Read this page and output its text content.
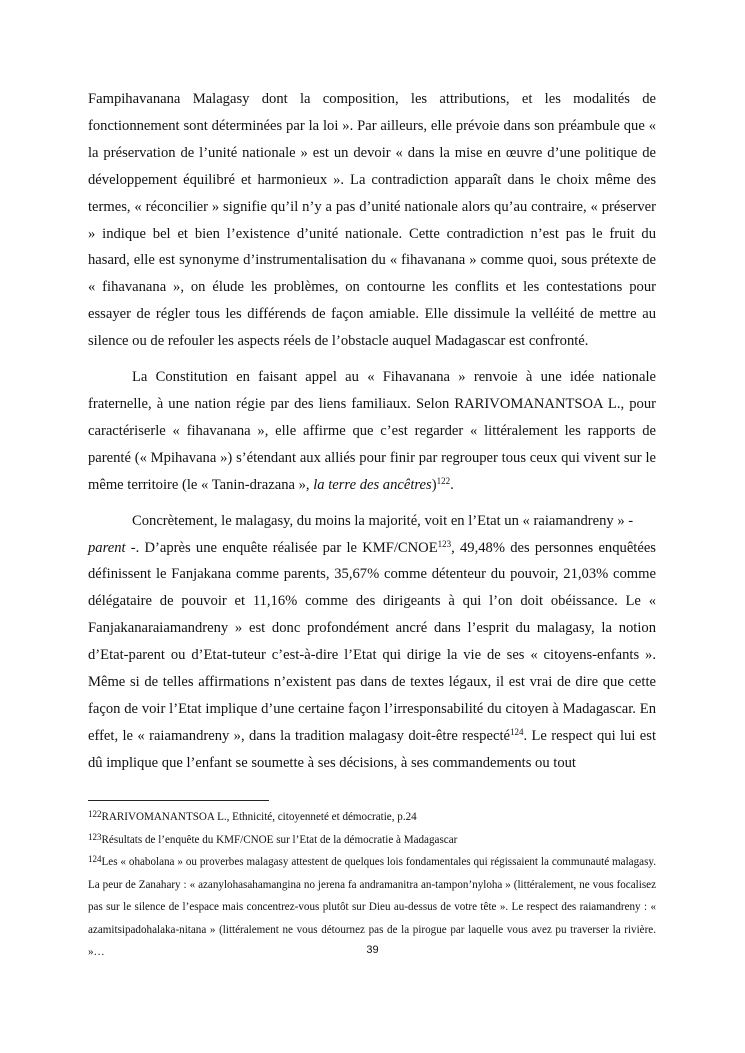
Fampihavanana Malagasy dont la composition, les attributions, et les modalités de fonctionnement sont déterminées par la loi ». Par ailleurs, elle prévoie dans son préambule que « la préservation de l’unité nationale » est un devoir « dans la mise en œuvre d’une politique de développement équilibré et harmonieux ». La contradiction apparaît dans le choix même des termes, « réconcilier » signifie qu’il n’y a pas d’unité nationale alors qu’au contraire, « préserver » indique bel et bien l’existence d’unité nationale. Cette contradiction n’est pas le fruit du hasard, elle est synonyme d’instrumentalisation du « fihavanana » comme quoi, sous prétexte de « fihavanana », on élude les problèmes, on contourne les conflits et les contestations pour essayer de régler tous les différends de façon amiable. Elle dissimule la velléité de mettre au silence ou de refouler les aspects réels de l’obstacle auquel Madagascar est confronté.

La Constitution en faisant appel au « Fihavanana » renvoie à une idée nationale fraternelle, à une nation régie par des liens familiaux. Selon RARIVOMANANTSOA L., pour caractériserle « fihavanana », elle affirme que c’est regarder « littéralement les rapports de parenté (« Mpihavana ») s’étendant aux alliés pour finir par regrouper tous ceux qui vivent sur le même territoire (le « Tanin-drazana », la terre des ancêtres)$^{122}$.

Concrètement, le malagasy, du moins la majorité, voit en l’Etat un « raiamandreny » -
parent -. D’après une enquête réalisée par le KMF/CNOE$^{123}$, 49,48% des personnes enquêtées définissent le Fanjakana comme parents, 35,67% comme détenteur du pouvoir, 21,03% comme délégataire de pouvoir et 11,16% comme des dirigeants à qui l’on doit obéissance. Le « Fanjakanaraiamandreny » est donc profondément ancré dans l’esprit du malagasy, la notion d’Etat-parent ou d’Etat-tuteur c’est-à-dire l’Etat qui dirige la vie de ses « citoyens-enfants ». Même si de telles affirmations n’existent pas dans de textes légaux, il est vrai de dire que cette façon de voir l’Etat implique d’une certaine façon l’irresponsabilité du citoyen à Madagascar. En effet, le « raiamandreny », dans la tradition malagasy doit-être respecté$^{124}$. Le respect qui lui est dû implique que l’enfant se soumette à ses décisions, à ses commandements ou tout

$^{122}$RARIVOMANANTSOA L., Ethnicité, citoyenneté et démocratie, p.24

$^{123}$Résultats de l’enquête du KMF/CNOE sur l’Etat de la démocratie à Madagascar

$^{124}$Les « ohabolana » ou proverbes malagasy attestent de quelques lois fondamentales qui régissaient la communauté malagasy. La peur de Zanahary : « azanylohasahamangina no jerena fa andramanitra an-tampon’nyloha » (littéralement, ne vous focalisez pas sur le silence de l’espace mais concentrez-vous plutôt sur Dieu au-dessus de votre tête ». Le respect des raiamandreny : « azamitsipadohalaka-nitana » (littéralement ne vous détournez pas de la pirogue par laquelle vous avez pu traverser la rivière. »…	39
